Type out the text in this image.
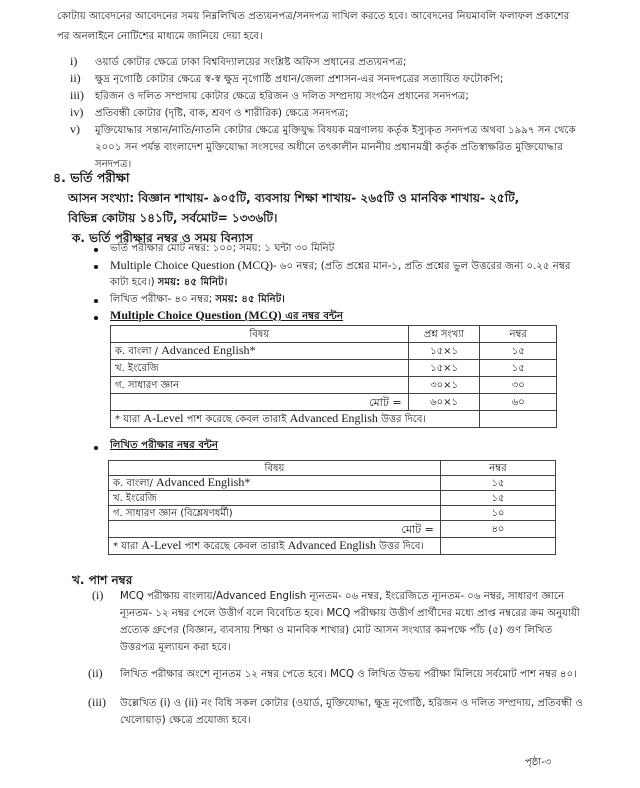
কোটায় আবেদনের আবেদনের সময় নিম্নলিখিত প্রত্যয়নপত্র/সনদপত্র দাখিল করতে হবে। আবেদনের নিয়মাবলি ফলাফল প্রকাশের
পর অনলাইনে নোটিশের মাধ্যমে জানিয়ে দেয়া হবে।
i) ওয়ার্ড কোটার ক্ষেত্রে ঢাকা বিশ্ববিদ্যালয়ের সংশ্লিষ্ট অফিস প্রধানের প্রত্যয়নপত্র;
ii) ক্ষুদ্র নৃগোষ্ঠি কোটার ক্ষেত্রে স্ব-স্ব ক্ষুদ্র নৃগোষ্ঠি প্রধান/জেলা প্রশাসন-এর সনদপত্রের সত্যায়িত ফটোকপি;
iii) হরিজন ও দলিত সম্প্রদায় কোটার ক্ষেত্রে হরিজন ও দলিত সম্প্রদায় সংগঠন প্রধানের সনদপত্র;
iv) প্রতিবন্ধী কোটার (দৃষ্টি, বাক, শ্রবণ ও শারীরিক) ক্ষেত্রে সনদপত্র;
v) মুক্তিযোদ্ধার সন্তান/নাতি/নাতনি কোটার ক্ষেত্রে মুক্তিযুদ্ধ বিষয়ক মন্ত্রণালয় কর্তৃক ইস্যুকৃত সনদপত্র অথবা ১৯৯৭ সন থেকে
২০০১ সন পর্যন্ত বাংলাদেশ মুক্তিযোদ্ধা সংসদের অধীনে তৎকালীন মাননীয় প্রধানমন্ত্রী কর্তৃক প্রতিস্বাক্ষরিত মুক্তিযোদ্ধার
সনদপত্র।
৪. ভর্তি পরীক্ষা
আসন সংখ্যা: বিজ্ঞান শাখায়- ৯০৫টি, ব্যবসায় শিক্ষা শাখায়- ২৬৫টি ও মানবিক শাখায়- ২৫টি,
বিভিন্ন কোটায় ১৪১টি, সর্বমোট= ১৩৩৬টি।
ক. ভর্তি পরীক্ষার নম্বর ও সময় বিন্যাস
ভর্তি পরীক্ষার মোট নম্বর: ১০০; সময়: ১ ঘন্টা ৩০ মিনিট
Multiple Choice Question (MCQ)- ৬০ নম্বর; (প্রতি প্রশ্নের মান-১, প্রতি প্রশ্নের ভুল উত্তরের জন্য ০.২৫ নম্বর
কাটা হবে।) সময়: ৪৫ মিনিট।
লিখিত পরীক্ষা- ৪০ নম্বর; সময়: ৪৫ মিনিট।
Multiple Choice Question (MCQ) এর নম্বর বন্টন
বিষয়	প্রশ্ন সংখ্যা	নম্বর
ক. বাংলা / Advanced English*	১৫×১	১৫
খ. ইংরেজি	১৫×১	১৫
গ. সাধারণ জ্ঞান	৩০×১	৩০
মোট =	৬০×১	৬০
* যারা A-Level পাশ করেছে কেবল তারাই Advanced English উত্তর দিবে।		
লিখিত পরীক্ষার নম্বর বন্টন
বিষয়	নম্বর
ক. বাংলা/ Advanced English*	১৫
খ. ইংরেজি	১৫
গ. সাধারণ জ্ঞান (বিশ্লেষণধর্মী)	১০
মোট =	৪০
* যারা A-Level পাশ করেছে কেবল তারাই Advanced English উত্তর দিবে।	
খ. পাশ নম্বর
(i) MCQ পরীক্ষায় বাংলায়/Advanced English ন্যূনতম- ০৬ নম্বর, ইংরেজিতে ন্যূনতম- ০৬ নম্বর, সাধারণ জ্ঞানে
ন্যূনতম- ১২ নম্বর পেলে উত্তীর্ণ বলে বিবেচিত হবে। MCQ পরীক্ষায় উত্তীর্ণ প্রার্থীদের মধ্যে প্রাপ্ত নম্বরের ক্রম অনুযায়ী
প্রত্যেক গ্রুপের (বিজ্ঞান, ব্যবসায় শিক্ষা ও মানবিক শাখার) মোট আসন সংখ্যার কমপক্ষে পাঁচ (৫) গুণ লিখিত
উত্তরপত্র মূল্যায়ন করা হবে।
(ii) লিখিত পরীক্ষার অংশে ন্যূনতম ১২ নম্বর পেতে হবে। MCQ ও লিখিত উভয় পরীক্ষা মিলিয়ে সর্বমোট পাশ নম্বর ৪০।
(iii) উল্লেখিত (i) ও (ii) নং বিধি সকল কোটার (ওয়ার্ড, মুক্তিযোদ্ধা, ক্ষুদ্র নৃগোষ্ঠি, হরিজন ও দলিত সম্প্রদায়, প্রতিবন্ধী ও
খেলোয়াড়) ক্ষেত্রে প্রযোজ্য হবে।
পৃষ্ঠা-৩
